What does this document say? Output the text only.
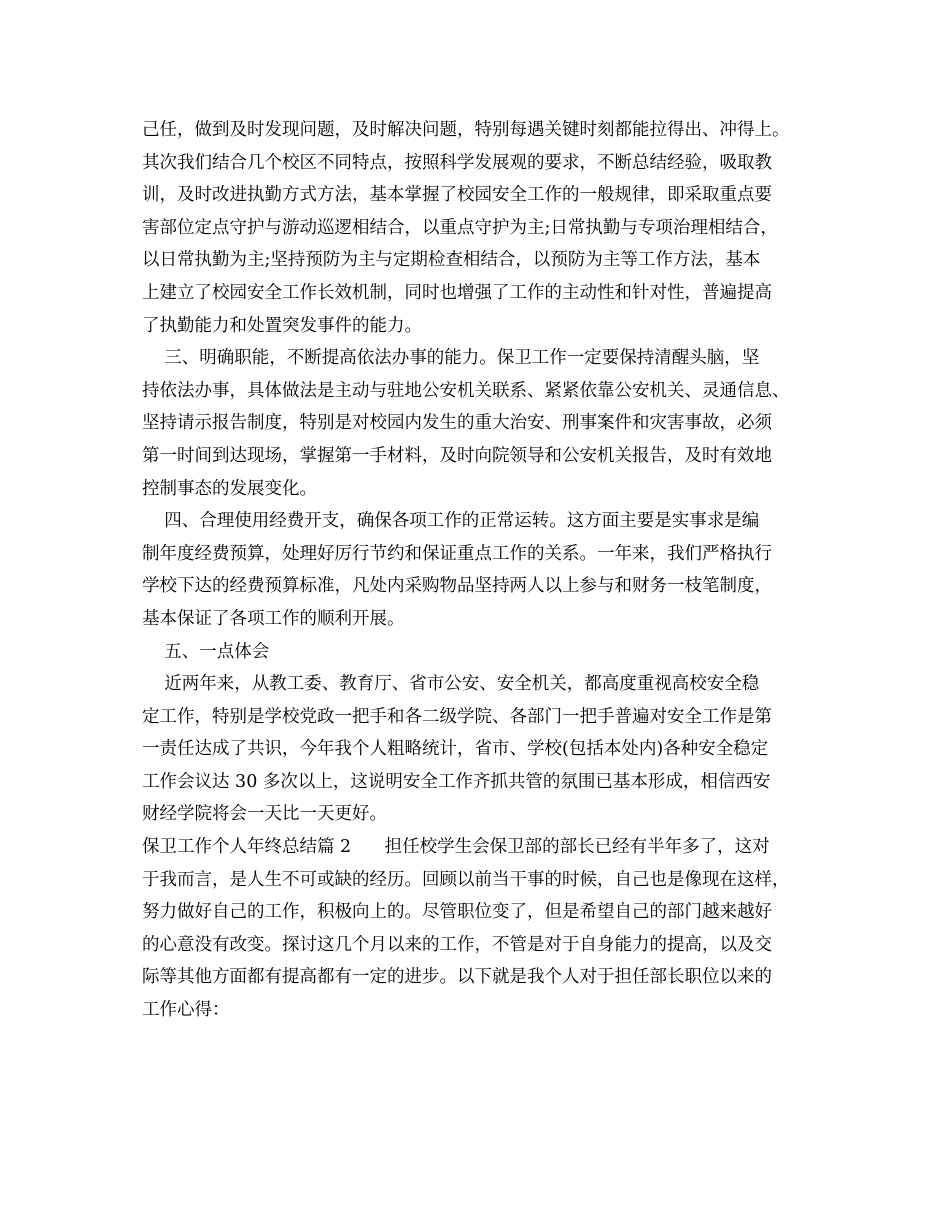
己任，做到及时发现问题，及时解决问题，特别每遇关键时刻都能拉得出、冲得上。
其次我们结合几个校区不同特点，按照科学发展观的要求，不断总结经验，吸取教
训，及时改进执勤方式方法，基本掌握了校园安全工作的一般规律，即采取重点要
害部位定点守护与游动巡逻相结合，以重点守护为主;日常执勤与专项治理相结合，
以日常执勤为主;坚持预防为主与定期检查相结合，以预防为主等工作方法，基本
上建立了校园安全工作长效机制，同时也增强了工作的主动性和针对性，普遍提高
了执勤能力和处置突发事件的能力。
三、明确职能，不断提高依法办事的能力。保卫工作一定要保持清醒头脑，坚
持依法办事，具体做法是主动与驻地公安机关联系、紧紧依靠公安机关、灵通信息、
坚持请示报告制度，特别是对校园内发生的重大治安、刑事案件和灾害事故，必须
第一时间到达现场，掌握第一手材料，及时向院领导和公安机关报告，及时有效地
控制事态的发展变化。
四、合理使用经费开支，确保各项工作的正常运转。这方面主要是实事求是编
制年度经费预算，处理好厉行节约和保证重点工作的关系。一年来，我们严格执行
学校下达的经费预算标准，凡处内采购物品坚持两人以上参与和财务一枝笔制度，
基本保证了各项工作的顺利开展。
五、一点体会
近两年来，从教工委、教育厅、省市公安、安全机关，都高度重视高校安全稳
定工作，特别是学校党政一把手和各二级学院、各部门一把手普遍对安全工作是第
一责任达成了共识，今年我个人粗略统计，省市、学校(包括本处内)各种安全稳定
工作会议达 30 多次以上，这说明安全工作齐抓共管的氛围已基本形成，相信西安
财经学院将会一天比一天更好。
保卫工作个人年终总结篇 2      担任校学生会保卫部的部长已经有半年多了，这对
于我而言，是人生不可或缺的经历。回顾以前当干事的时候，自己也是像现在这样，
努力做好自己的工作，积极向上的。尽管职位变了，但是希望自己的部门越来越好
的心意没有改变。探讨这几个月以来的工作，不管是对于自身能力的提高，以及交
际等其他方面都有提高都有一定的进步。以下就是我个人对于担任部长职位以来的
工作心得：
